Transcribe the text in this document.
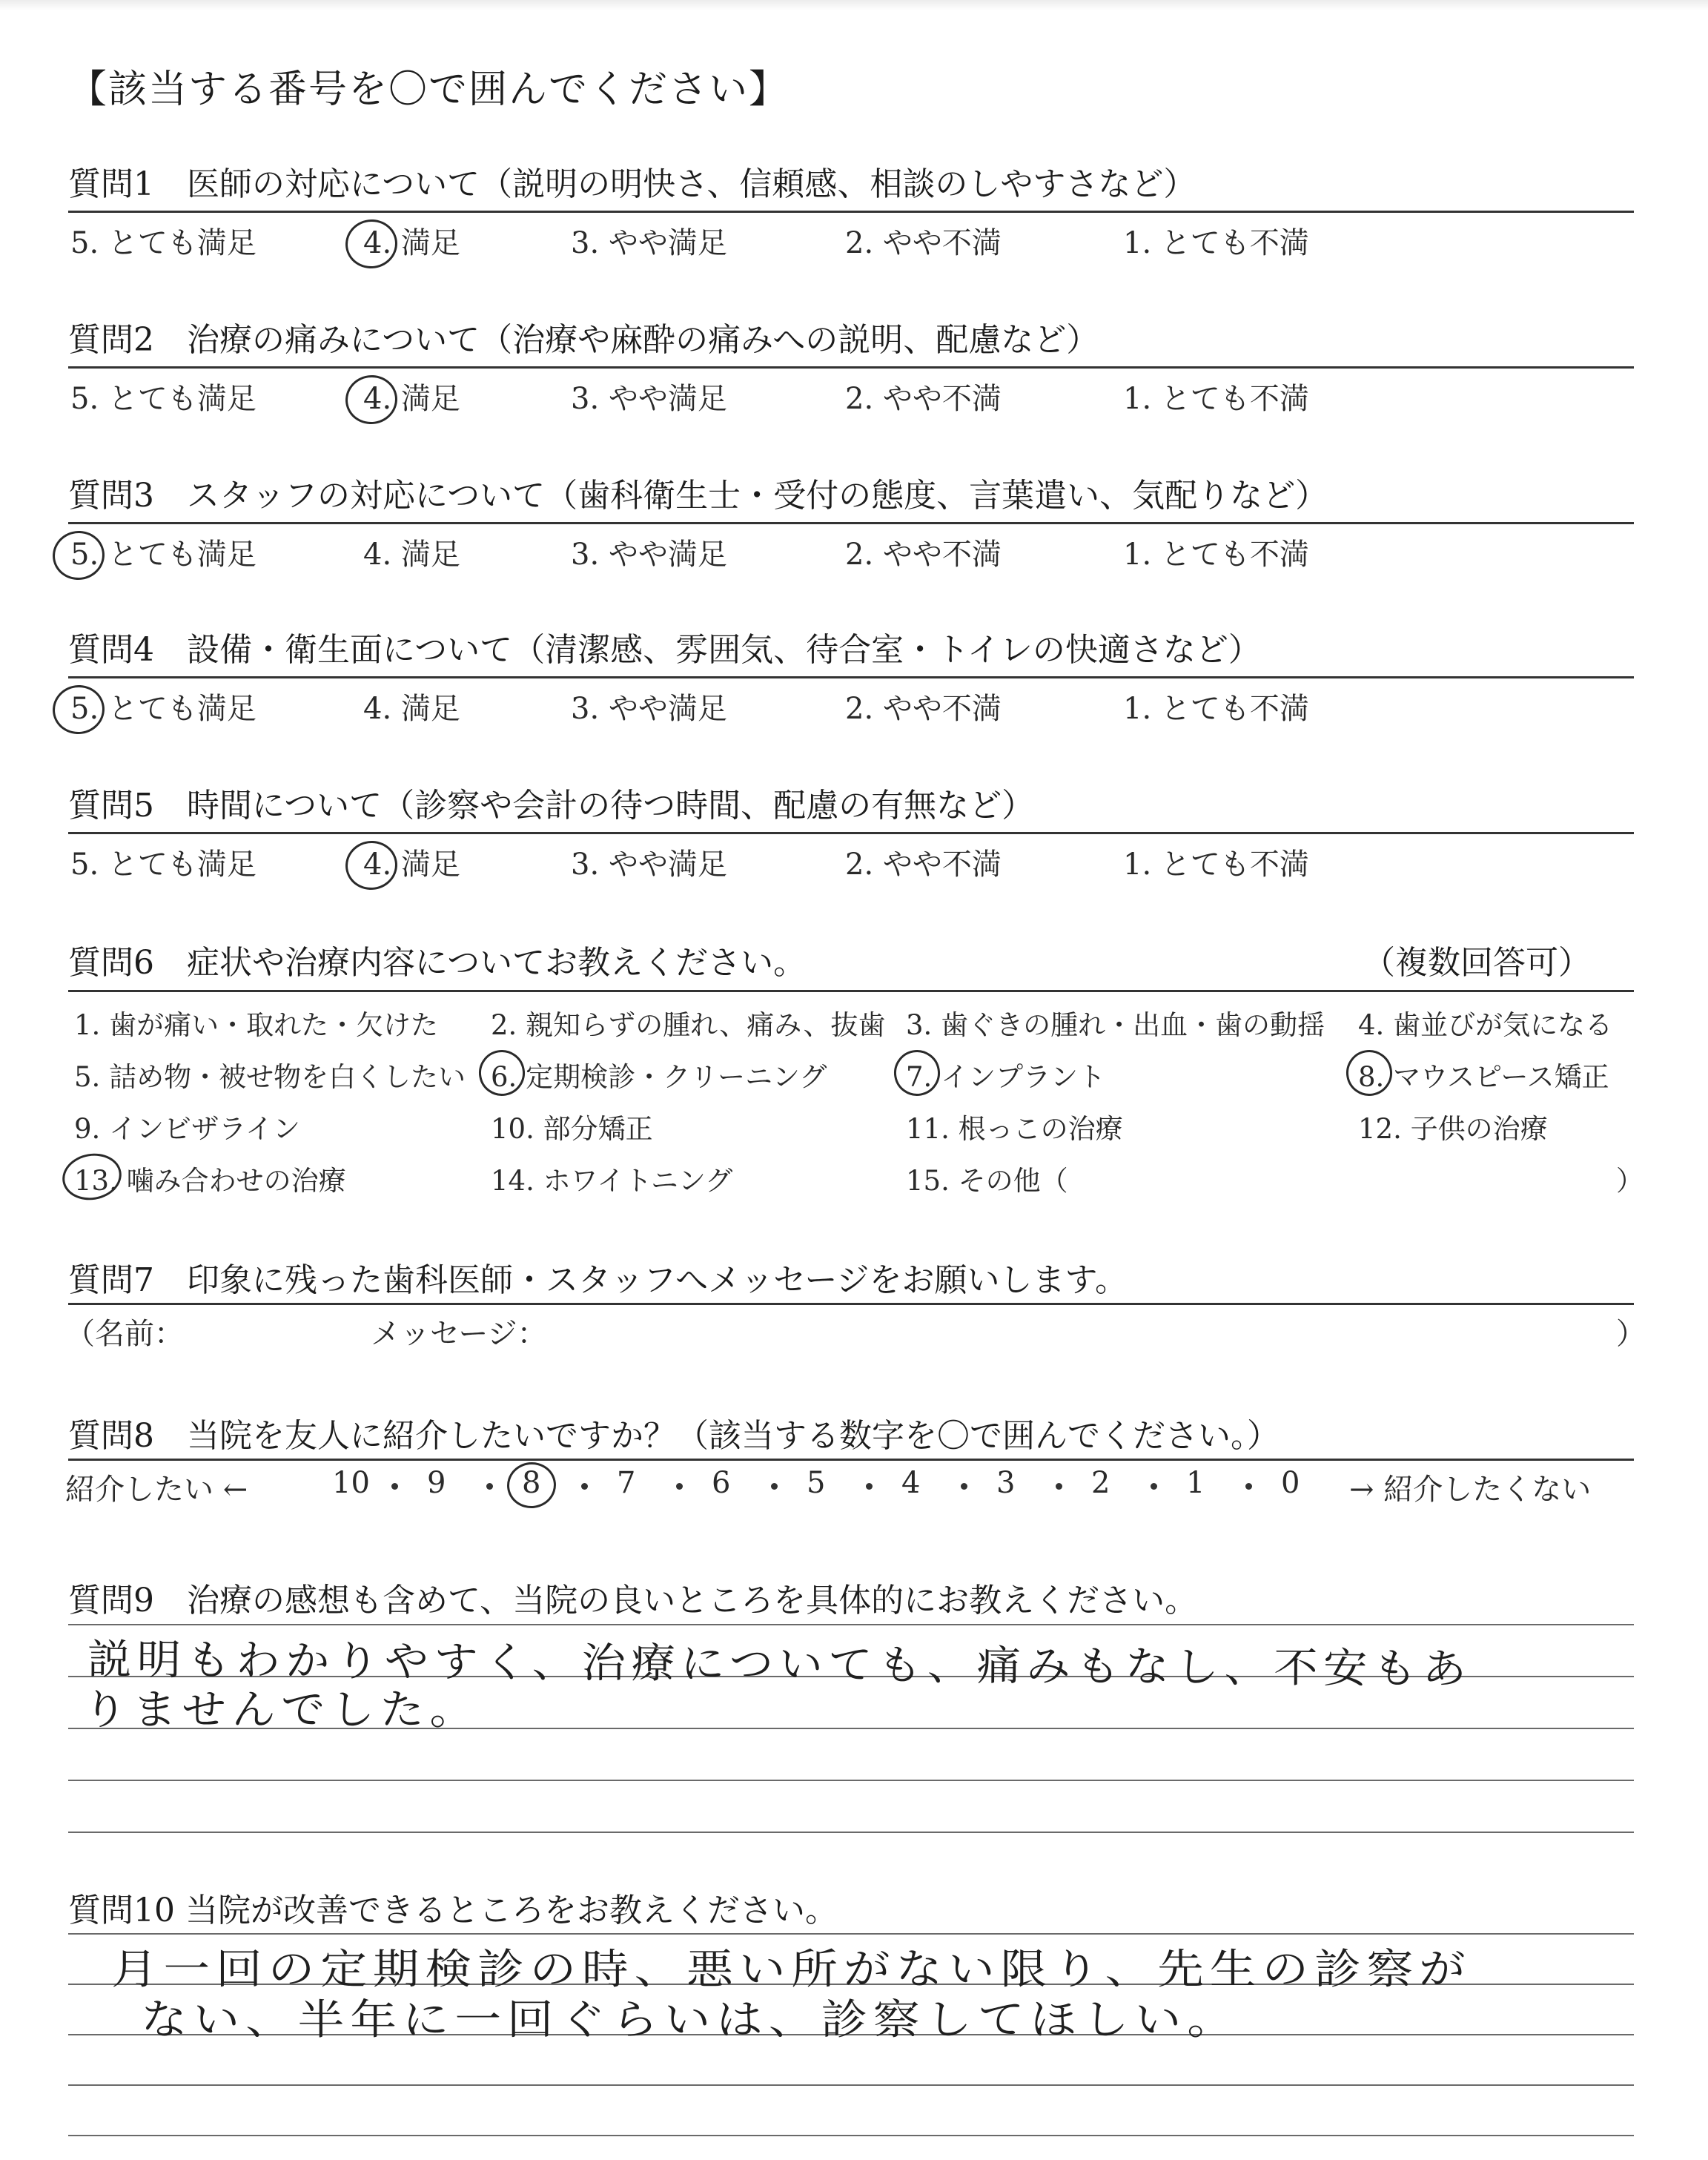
【該当する番号を〇で囲んでください】
質問1　医師の対応について（説明の明快さ、信頼感、相談のしやすさなど）
5. とても満足	4. 満足	3. やや満足	2. やや不満	1. とても不満
質問2　治療の痛みについて（治療や麻酔の痛みへの説明、配慮など）
5. とても満足	4. 満足	3. やや満足	2. やや不満	1. とても不満
質問3　スタッフの対応について（歯科衛生士・受付の態度、言葉遣い、気配りなど）
5. とても満足	4. 満足	3. やや満足	2. やや不満	1. とても不満
質問4　設備・衛生面について（清潔感、雰囲気、待合室・トイレの快適さなど）
5. とても満足	4. 満足	3. やや満足	2. やや不満	1. とても不満
質問5　時間について（診察や会計の待つ時間、配慮の有無など）
5. とても満足	4. 満足	3. やや満足	2. やや不満	1. とても不満
質問6　症状や治療内容についてお教えください。	（複数回答可）
1. 歯が痛い・取れた・欠けた 2. 親知らずの腫れ、痛み、抜歯 3. 歯ぐきの腫れ・出血・歯の動揺 4. 歯並びが気になる
5. 詰め物・被せ物を白くしたい 6. 定期検診・クリーニング	7. インプラント	8. マウスピース矯正
9. インビザライン	10. 部分矯正	11. 根っこの治療	12. 子供の治療
13. 噛み合わせの治療	14. ホワイトニング	15. その他（	）
質問7　印象に残った歯科医師・スタッフへメッセージをお願いします。
（名前：	メッセージ：	）
質問8　当院を友人に紹介したいですか？（該当する数字を〇で囲んでください。）
紹介したい ←	10 9	8	7	6	5	4	3	2	1	0 → 紹介したくない
質問9　治療の感想も含めて、当院の良いところを具体的にお教えください。
説明もわかりやすく、治療についても、痛みもなし、不安もあ
りませんでした。
質問10 当院が改善できるところをお教えください。
月一回の定期検診の時、悪い所がない限り、先生の診察が
ない、半年に一回ぐらいは、診察してほしい。
